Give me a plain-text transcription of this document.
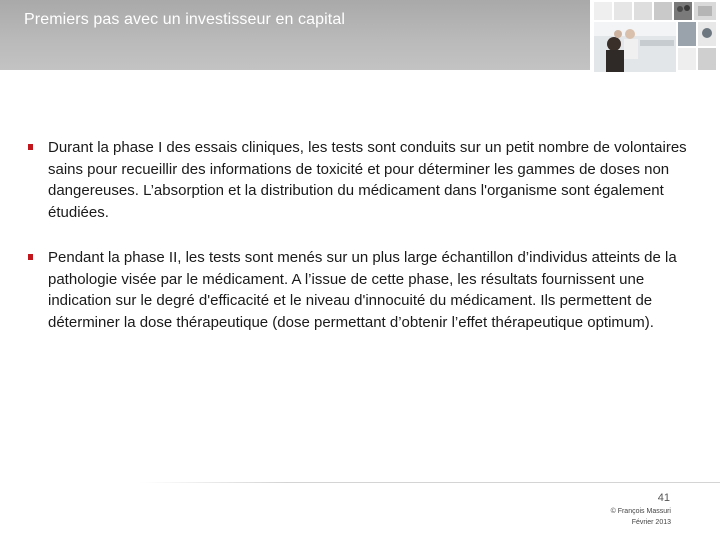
Premiers pas avec un investisseur en capital
Durant la phase I des essais cliniques, les tests sont conduits sur un petit nombre de volontaires sains pour recueillir des informations de toxicité et pour déterminer les gammes de doses non dangereuses. L’absorption et la distribution du médicament dans l'organisme sont également étudiées.
Pendant la phase II, les tests sont menés sur un plus large échantillon d’individus atteints de la pathologie visée par le médicament. A l’issue de cette phase, les résultats fournissent une indication sur le degré d'efficacité et le niveau d'innocuité du médicament. Ils permettent de déterminer la dose thérapeutique (dose permettant d’obtenir l’effet thérapeutique optimum).
41
© François Massuri
Février 2013
